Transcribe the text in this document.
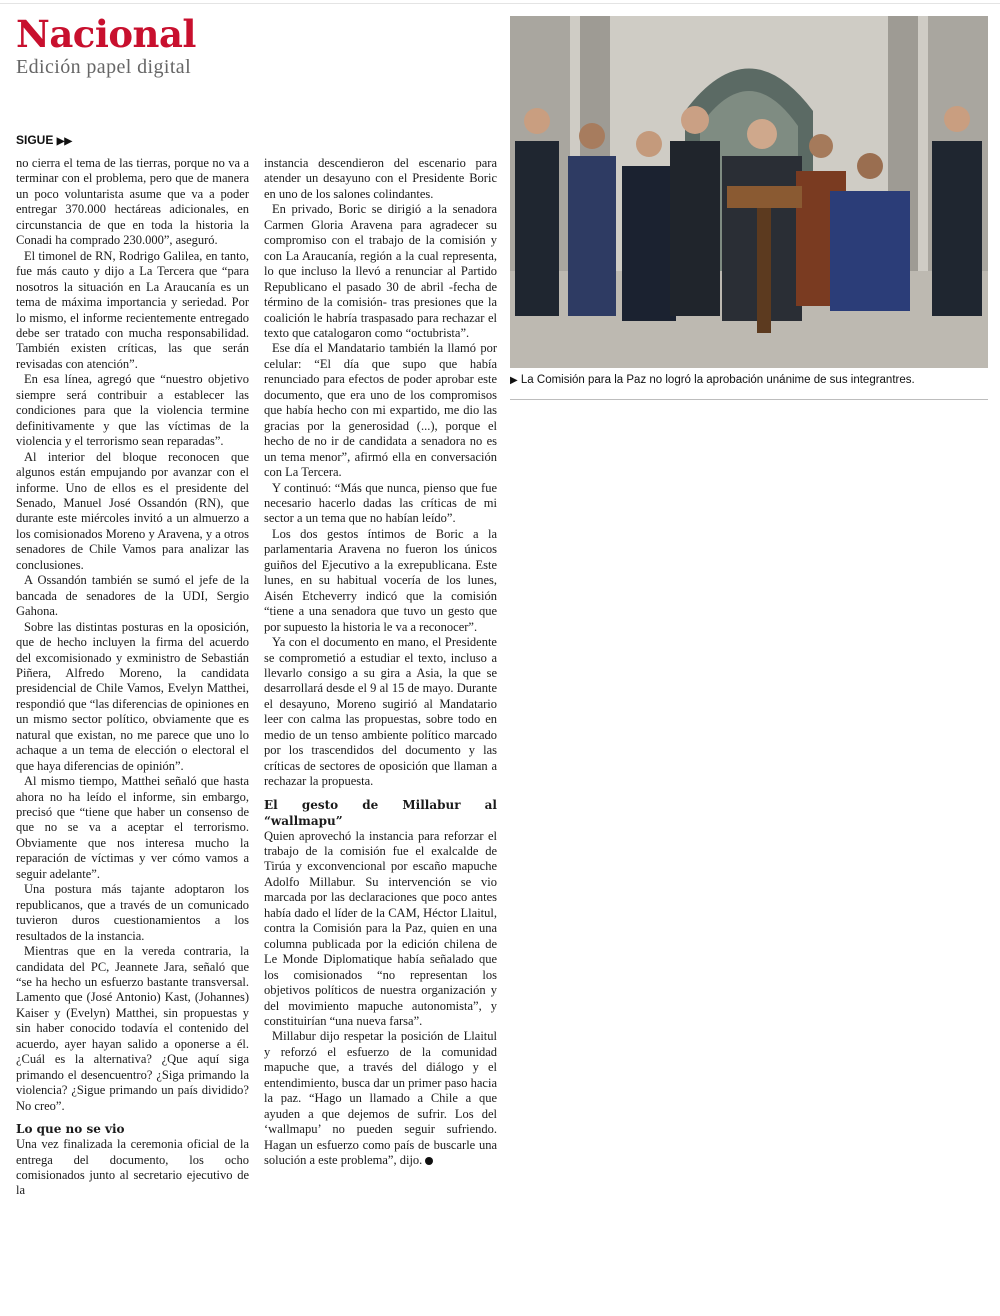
Nacional
Edición papel digital
SIGUE ▶▶

no cierra el tema de las tierras, porque no va a terminar con el problema, pero que de manera un poco voluntarista asume que va a poder entregar 370.000 hectáreas adicionales, en circunstancia de que en toda la historia la Conadi ha comprado 230.000”, aseguró.

El timonel de RN, Rodrigo Galilea, en tanto, fue más cauto y dijo a La Tercera que “para nosotros la situación en La Araucanía es un tema de máxima importancia y seriedad. Por lo mismo, el informe recientemente entregado debe ser tratado con mucha responsabilidad. También existen críticas, las que serán revisadas con atención”.

En esa línea, agregó que “nuestro objetivo siempre será contribuir a establecer las condiciones para que la violencia termine definitivamente y que las víctimas de la violencia y el terrorismo sean reparadas”.

Al interior del bloque reconocen que algunos están empujando por avanzar con el informe. Uno de ellos es el presidente del Senado, Manuel José Ossandón (RN), que durante este miércoles invitó a un almuerzo a los comisionados Moreno y Aravena, y a otros senadores de Chile Vamos para analizar las conclusiones.

A Ossandón también se sumó el jefe de la bancada de senadores de la UDI, Sergio Gahona.

Sobre las distintas posturas en la oposición, que de hecho incluyen la firma del acuerdo del excomisionado y exministro de Sebastián Piñera, Alfredo Moreno, la candidata presidencial de Chile Vamos, Evelyn Matthei, respondió que “las diferencias de opiniones en un mismo sector político, obviamente que es natural que existan, no me parece que uno lo achaque a un tema de elección o electoral el que haya diferencias de opinión”.

Al mismo tiempo, Matthei señaló que hasta ahora no ha leído el informe, sin embargo, precisó que “tiene que haber un consenso de que no se va a aceptar el terrorismo. Obviamente que nos interesa mucho la reparación de víctimas y ver cómo vamos a seguir adelante”.

Una postura más tajante adoptaron los republicanos, que a través de un comunicado tuvieron duros cuestionamientos a los resultados de la instancia.

Mientras que en la vereda contraria, la candidata del PC, Jeannete Jara, señaló que “se ha hecho un esfuerzo bastante transversal. Lamento que (José Antonio) Kast, (Johannes) Kaiser y (Evelyn) Matthei, sin propuestas y sin haber conocido todavía el contenido del acuerdo, ayer hayan salido a oponerse a él. ¿Cuál es la alternativa? ¿Que aquí siga primando el desencuentro? ¿Siga primando la violencia? ¿Sigue primando un país dividido? No creo”.

Lo que no se vio

Una vez finalizada la ceremonia oficial de la entrega del documento, los ocho comisionados junto al secretario ejecutivo de la

instancia descendieron del escenario para atender un desayuno con el Presidente Boric en uno de los salones colindantes.

En privado, Boric se dirigió a la senadora Carmen Gloria Aravena para agradecer su compromiso con el trabajo de la comisión y con La Araucanía, región a la cual representa, lo que incluso la llevó a renunciar al Partido Republicano el pasado 30 de abril -fecha de término de la comisión- tras presiones que la coalición le habría traspasado para rechazar el texto que catalogaron como “octubrista”.

Ese día el Mandatario también la llamó por celular: “El día que supo que había renunciado para efectos de poder aprobar este documento, que era uno de los compromisos que había hecho con mi expartido, me dio las gracias por la generosidad (...), porque el hecho de no ir de candidata a senadora no es un tema menor”, afirmó ella en conversación con La Tercera.

Y continuó: “Más que nunca, pienso que fue necesario hacerlo dadas las críticas de mi sector a un tema que no habían leído”.

Los dos gestos íntimos de Boric a la parlamentaria Aravena no fueron los únicos guiños del Ejecutivo a la exrepublicana. Este lunes, en su habitual vocería de los lunes, Aisén Etcheverry indicó que la comisión “tiene a una senadora que tuvo un gesto que por supuesto la historia le va a reconocer”.

Ya con el documento en mano, el Presidente se comprometió a estudiar el texto, incluso a llevarlo consigo a su gira a Asia, la que se desarrollará desde el 9 al 15 de mayo. Durante el desayuno, Moreno sugirió al Mandatario leer con calma las propuestas, sobre todo en medio de un tenso ambiente político marcado por los trascendidos del documento y las críticas de sectores de oposición que llaman a rechazar la propuesta.

El gesto de Millabur al “wallmapu”

Quien aprovechó la instancia para reforzar el trabajo de la comisión fue el exalcalde de Tirúa y exconvencional por escaño mapuche Adolfo Millabur. Su intervención se vio marcada por las declaraciones que poco antes había dado el líder de la CAM, Héctor Llaitul, contra la Comisión para la Paz, quien en una columna publicada por la edición chilena de Le Monde Diplomatique había señalado que los comisionados “no representan los objetivos políticos de nuestra organización y del movimiento mapuche autonomista”, y constituirían “una nueva farsa”.

Millabur dijo respetar la posición de Llaitul y reforzó el esfuerzo de la comunidad mapuche que, a través del diálogo y el entendimiento, busca dar un primer paso hacia la paz. “Hago un llamado a Chile a que ayuden a que dejemos de sufrir. Los del ‘wallmapu’ no pueden seguir sufriendo. Hagan un esfuerzo como país de buscarle una solución a este problema”, dijo.

▶ La Comisión para la Paz no logró la aprobación unánime de sus integrantres.
